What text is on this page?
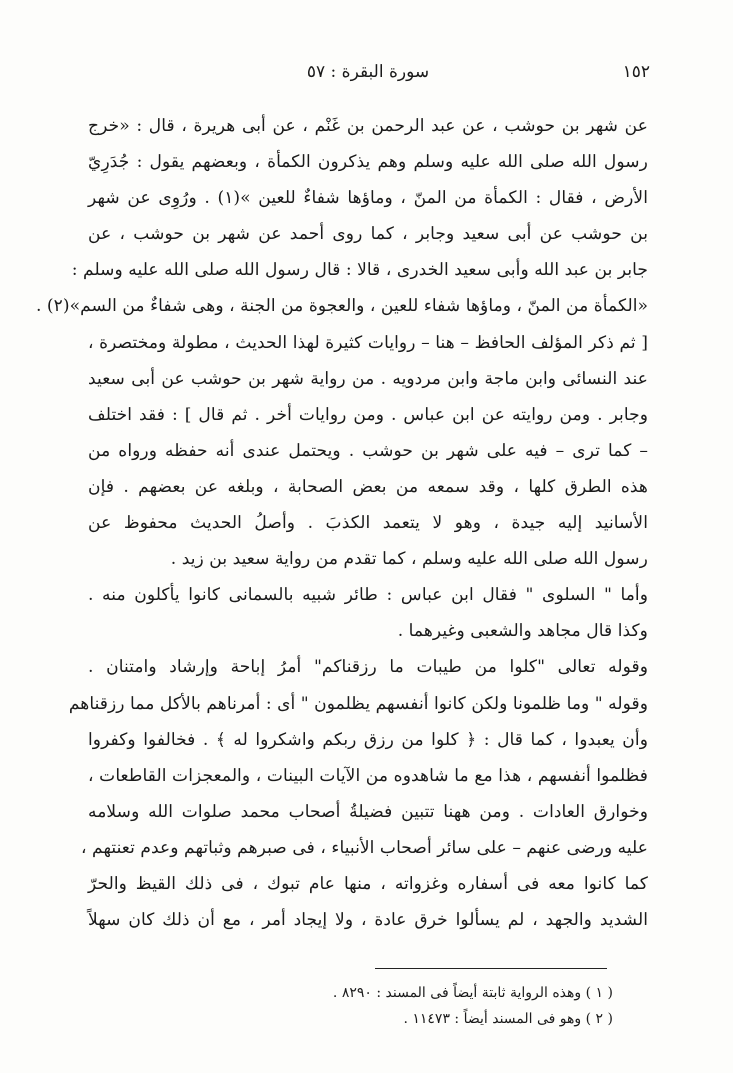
١٥٢
سورة البقرة : ٥٧
عن شهر بن حوشب ، عن عبد الرحمن بن غَنْم ، عن أبى هريرة ، قال : «خرج
رسول الله صلى الله عليه وسلم وهم يذكرون الكمأة ، وبعضهم يقول : جُدَرِيّ
الأرض ، فقال : الكمأة من المنّ ، وماؤها شفاءٌ للعين »(١) . ورُوِى عن شهر
بن حوشب عن أبى سعيد وجابر ، كما روى أحمد عن شهر بن حوشب ، عن
جابر بن عبد الله وأبى سعيد الخدرى ، قالا : قال رسول الله صلى الله عليه وسلم :
«الكمأة من المنّ ، وماؤها شفاء للعين ، والعجوة من الجنة ، وهى شفاءٌ من السم»(٢) .
[ ثم ذكر المؤلف الحافظ – هنا – روايات كثيرة لهذا الحديث ، مطولة ومختصرة ،
عند النسائى وابن ماجة وابن مردويه . من رواية شهر بن حوشب عن أبى سعيد
وجابر . ومن روايته عن ابن عباس . ومن روايات أخر . ثم قال ] : فقد اختلف
– كما ترى – فيه على شهر بن حوشب . ويحتمل عندى أنه حفظه ورواه من
هذه الطرق كلها ، وقد سمعه من بعض الصحابة ، وبلغه عن بعضهم . فإن
الأسانيد إليه جيدة ، وهو لا يتعمد الكذبَ . وأصلُ الحديث محفوظ عن
رسول الله صلى الله عليه وسلم ، كما تقدم من رواية سعيد بن زيد .
وأما " السلوى " فقال ابن عباس : طائر شبيه بالسمانى كانوا يأكلون منه .
وكذا قال مجاهد والشعبى وغيرهما .
وقوله تعالى "كلوا من طيبات ما رزقناكم" أمرُ إباحة وإرشاد وامتنان .
وقوله " وما ظلمونا ولكن كانوا أنفسهم يظلمون " أى : أمرناهم بالأكل مما رزقناهم
وأن يعبدوا ، كما قال : ﴿ كلوا من رزق ربكم واشكروا له ﴾ . فخالفوا وكفروا
فظلموا أنفسهم ، هذا مع ما شاهدوه من الآيات البينات ، والمعجزات القاطعات ،
وخوارق العادات . ومن ههنا تتبين فضيلةُ أصحاب محمد صلوات الله وسلامه
عليه ورضى عنهم – على سائر أصحاب الأنبياء ، فى صبرهم وثباتهم وعدم تعنتهم ،
كما كانوا معه فى أسفاره وغزواته ، منها عام تبوك ، فى ذلك القيظ والحرّ
الشديد والجهد ، لم يسألوا خرق عادة ، ولا إيجاد أمر ، مع أن ذلك كان سهلاً
( ١ ) وهذه الرواية ثابتة أيضاً فى المسند : ٨٢٩٠ .
( ٢ ) وهو فى المسند أيضاً : ١١٤٧٣ .
